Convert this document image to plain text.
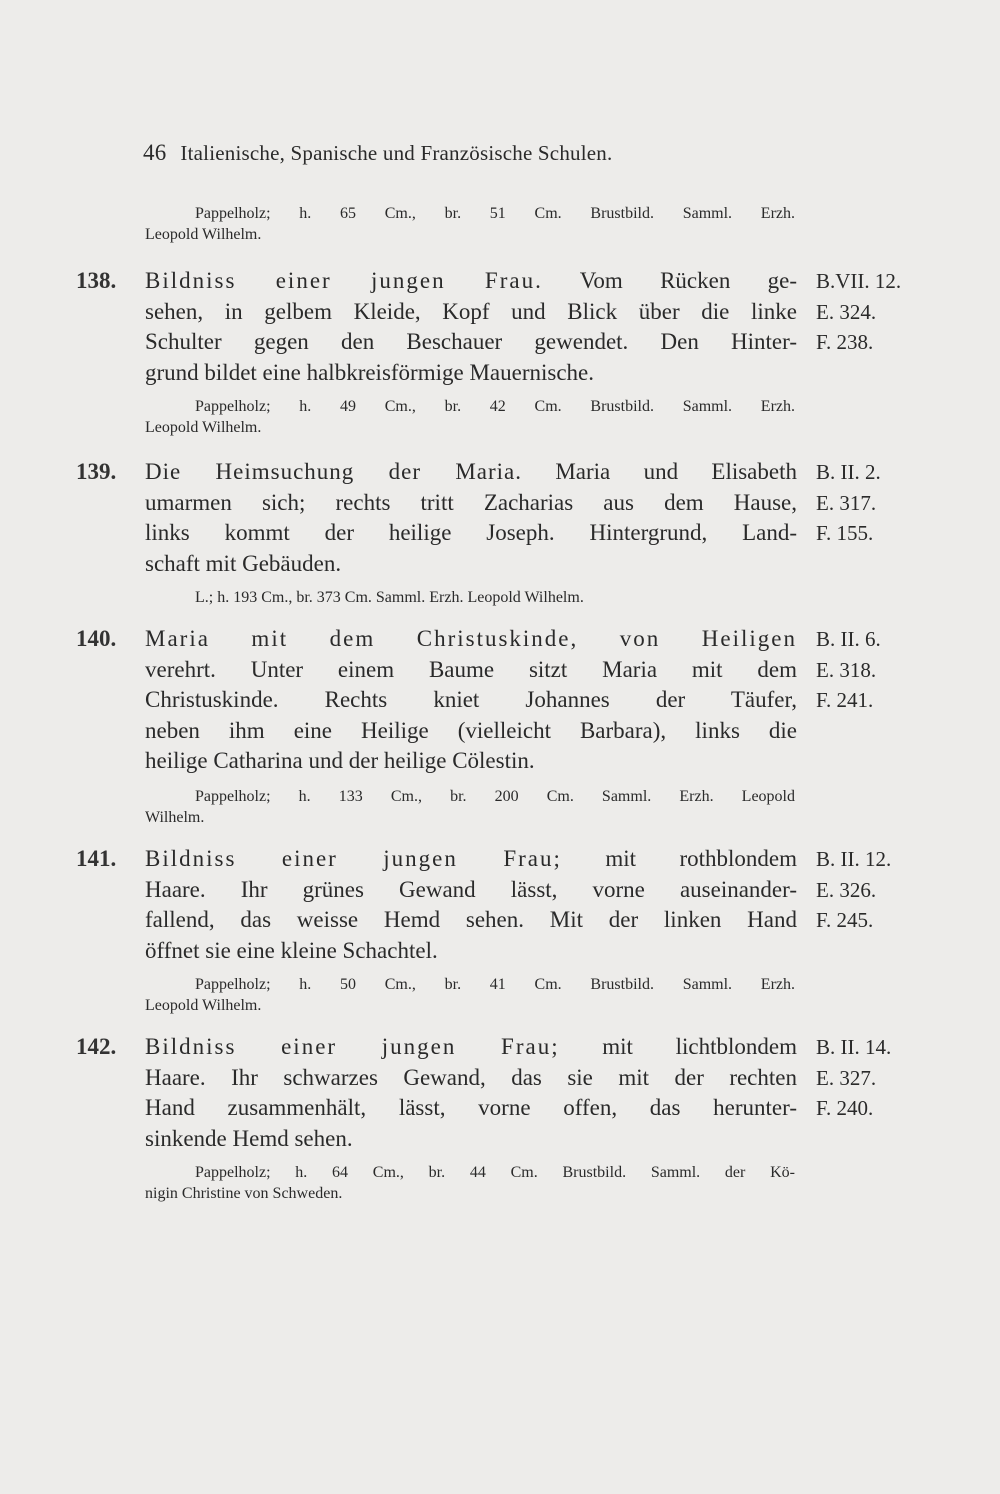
46 Italienische, Spanische und Französische Schulen.
Pappelholz; h. 65 Cm., br. 51 Cm. Brustbild. Samml. Erzh.
Leopold Wilhelm.
138. Bildniss einer jungen Frau. Vom Rücken ge-
sehen, in gelbem Kleide, Kopf und Blick über die linke
Schulter gegen den Beschauer gewendet. Den Hinter-
grund bildet eine halbkreisförmige Mauernische.
B.VII. 12.
E. 324.
F. 238.
Pappelholz; h. 49 Cm., br. 42 Cm. Brustbild. Samml. Erzh.
Leopold Wilhelm.
139. Die Heimsuchung der Maria. Maria und Elisabeth
umarmen sich; rechts tritt Zacharias aus dem Hause,
links kommt der heilige Joseph. Hintergrund, Land-
schaft mit Gebäuden.
B. II. 2.
E. 317.
F. 155.
L.; h. 193 Cm., br. 373 Cm. Samml. Erzh. Leopold Wilhelm.
140. Maria mit dem Christuskinde, von Heiligen
verehrt. Unter einem Baume sitzt Maria mit dem
Christuskinde. Rechts kniet Johannes der Täufer,
neben ihm eine Heilige (vielleicht Barbara), links die
heilige Catharina und der heilige Cölestin.
B. II. 6.
E. 318.
F. 241.
Pappelholz; h. 133 Cm., br. 200 Cm. Samml. Erzh. Leopold
Wilhelm.
141. Bildniss einer jungen Frau; mit rothblondem
Haare. Ihr grünes Gewand lässt, vorne auseinander-
fallend, das weisse Hemd sehen. Mit der linken Hand
öffnet sie eine kleine Schachtel.
B. II. 12.
E. 326.
F. 245.
Pappelholz; h. 50 Cm., br. 41 Cm. Brustbild. Samml. Erzh.
Leopold Wilhelm.
142. Bildniss einer jungen Frau; mit lichtblondem
Haare. Ihr schwarzes Gewand, das sie mit der rechten
Hand zusammenhält, lässt, vorne offen, das herunter-
sinkende Hemd sehen.
B. II. 14.
E. 327.
F. 240.
Pappelholz; h. 64 Cm., br. 44 Cm. Brustbild. Samml. der Kö-
nigin Christine von Schweden.
